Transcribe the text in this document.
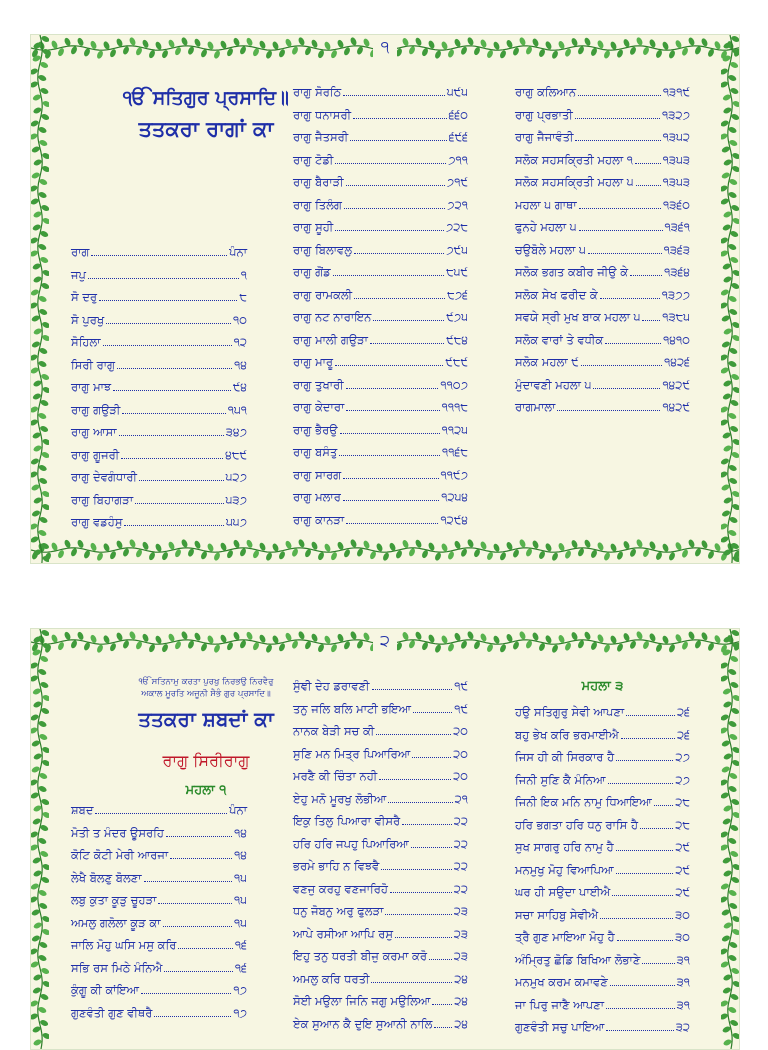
੧
ੴ ਸਤਿਗੁਰ ਪ੍ਰਸਾਦਿ॥
ਤਤਕਰਾ ਰਾਗਾਂ ਕਾ
ਰਾਗ	ਪੰਨਾ
ਜਪੁ	੧
ਸੋ ਦਰੁ	੮
ਸੋ ਪੁਰਖੁ	੧੦
ਸੋਹਿਲਾ	੧੨
ਸਿਰੀ ਰਾਗੁ	੧੪
ਰਾਗੁ ਮਾਝ	੯੪
ਰਾਗੁ ਗਉੜੀ	੧੫੧
ਰਾਗੁ ਆਸਾ	੩੪੭
ਰਾਗੁ ਗੂਜਰੀ	੪੮੯
ਰਾਗੁ ਦੇਵਗੰਧਾਰੀ	੫੨੭
ਰਾਗੁ ਬਿਹਾਗੜਾ	੫੩੭
ਰਾਗੁ ਵਡਹੰਸੁ	੫੫੭
ਰਾਗੁ ਸੋਰਠਿ	੫੯੫
ਰਾਗੁ ਧਨਾਸਰੀ	੬੬੦
ਰਾਗੁ ਜੈਤਸਰੀ	੬੯੬
ਰਾਗੁ ਟੋਡੀ	੭੧੧
ਰਾਗੁ ਬੈਰਾੜੀ	੭੧੯
ਰਾਗੁ ਤਿਲੰਗ	੭੨੧
ਰਾਗੁ ਸੂਹੀ	੭੨੮
ਰਾਗੁ ਬਿਲਾਵਲੁ	੭੯੫
ਰਾਗੁ ਗੋਂਡ	੮੫੯
ਰਾਗੁ ਰਾਮਕਲੀ	੮੭੬
ਰਾਗੁ ਨਟ ਨਾਰਾਇਨ	੯੭੫
ਰਾਗੁ ਮਾਲੀ ਗਉੜਾ	੯੮੪
ਰਾਗੁ ਮਾਰੂ	੯੮੯
ਰਾਗੁ ਤੁਖਾਰੀ	੧੧੦੭
ਰਾਗੁ ਕੇਦਾਰਾ	੧੧੧੮
ਰਾਗੁ ਭੈਰਉ	੧੧੨੫
ਰਾਗੁ ਬਸੰਤੁ	੧੧੬੮
ਰਾਗੁ ਸਾਰਗ	੧੧੯੭
ਰਾਗੁ ਮਲਾਰ	੧੨੫੪
ਰਾਗੁ ਕਾਨੜਾ	੧੨੯੪
ਰਾਗੁ ਕਲਿਆਨ	੧੩੧੯
ਰਾਗੁ ਪ੍ਰਭਾਤੀ	੧੩੨੭
ਰਾਗੁ ਜੈਜਾਵੰਤੀ	੧੩੫੨
ਸਲੋਕ ਸਹਸਕ੍ਰਿਤੀ ਮਹਲਾ ੧	੧੩੫੩
ਸਲੋਕ ਸਹਸਕ੍ਰਿਤੀ ਮਹਲਾ ੫	੧੩੫੩
ਮਹਲਾ ੫ ਗਾਥਾ	੧੩੬੦
ਫੁਨਹੇ ਮਹਲਾ ੫	੧੩੬੧
ਚਉਬੋਲੇ ਮਹਲਾ ੫	੧੩੬੩
ਸਲੋਕ ਭਗਤ ਕਬੀਰ ਜੀਉ ਕੇ	੧੩੬੪
ਸਲੋਕ ਸੇਖ ਫਰੀਦ ਕੇ	੧੩੭੭
ਸਵਯੇ ਸ੍ਰੀ ਮੁਖ ਬਾਕ ਮਹਲਾ ੫ ੧੩੮੫
ਸਲੋਕ ਵਾਰਾਂ ਤੇ ਵਧੀਕ	੧੪੧੦
ਸਲੋਕ ਮਹਲਾ ੯	੧੪੨੬
ਮੁੰਦਾਵਣੀ ਮਹਲਾ ੫	੧੪੨੯
ਰਾਗਮਾਲਾ	੧੪੨੯
੨
ੴ ਸਤਿਨਾਮੁ ਕਰਤਾ ਪੁਰਖੁ ਨਿਰਭਉ ਨਿਰਵੈਰੁ
ਅਕਾਲ ਮੂਰਤਿ ਅਜੂਨੀ ਸੈਭੰ ਗੁਰ ਪ੍ਰਸਾਦਿ॥
ਤਤਕਰਾ ਸ਼ਬਦਾਂ ਕਾ
ਰਾਗੁ ਸਿਰੀਰਾਗੁ
ਮਹਲਾ ੧
ਮਹਲਾ ੩
ਸ਼ਬਦ	ਪੰਨਾ
ਮੋਤੀ ਤ ਮੰਦਰ ਊਸਰਹਿ	੧੪
ਕੋਟਿ ਕੋਟੀ ਮੇਰੀ ਆਰਜਾ	੧੪
ਲੇਖੈ ਬੋਲਣੁ ਬੋਲਣਾ	੧੫
ਲਬੁ ਕੁਤਾ ਕੂੜੁ ਚੂਹੜਾ	੧੫
ਅਮਲੁ ਗਲੋਲਾ ਕੂੜ ਕਾ	੧੫
ਜਾਲਿ ਮੋਹੁ ਘਸਿ ਮਸੁ ਕਰਿ	੧੬
ਸਭਿ ਰਸ ਮਿਠੇ ਮੰਨਿਐ	੧੬
ਕੁੰਗੂ ਕੀ ਕਾਂਇਆ	੧੭
ਗੁਣਵੰਤੀ ਗੁਣ ਵੀਥਰੈ	੧੭
ਸੁੰਞੀ ਦੇਹ ਡਰਾਵਣੀ	੧੯
ਤਨੁ ਜਲਿ ਬਲਿ ਮਾਟੀ ਭਇਆ	੧੯
ਨਾਨਕ ਬੇੜੀ ਸਚ ਕੀ	੨੦
ਸੁਣਿ ਮਨ ਮਿਤ੍ਰ ਪਿਆਰਿਆ	੨੦
ਮਰਣੈ ਕੀ ਚਿੰਤਾ ਨਹੀ	੨੦
ਏਹੁ ਮਨੋ ਮੂਰਖੁ ਲੋਭੀਆ	੨੧
ਇਕੁ ਤਿਲੁ ਪਿਆਰਾ ਵੀਸਰੈ	੨੨
ਹਰਿ ਹਰਿ ਜਪਹੁ ਪਿਆਰਿਆ	੨੨
ਭਰਮੇ ਭਾਹਿ ਨ ਵਿਝਵੈ	੨੨
ਵਣਜੁ ਕਰਹੁ ਵਣਜਾਰਿਹੋ	੨੨
ਧਨੁ ਜੋਬਨੁ ਅਰੁ ਫੁਲੜਾ	੨੩
ਆਪੇ ਰਸੀਆ ਆਪਿ ਰਸੁ	੨੩
ਇਹੁ ਤਨੁ ਧਰਤੀ ਬੀਜੁ ਕਰਮਾ ਕਰੋ ੨੩
ਅਮਲੁ ਕਰਿ ਧਰਤੀ	੨੪
ਸੋਈ ਮਉਲਾ ਜਿਨਿ ਜਗੁ ਮਉਲਿਆ ੨੪
ਏਕ ਸੁਆਨ ਕੈ ਦੁਇ ਸੁਆਨੀ ਨਾਲਿ ੨੪
ਹਉ ਸਤਿਗੁਰੁ ਸੇਵੀ ਆਪਣਾ	੨੬
ਬਹੁ ਭੇਖ ਕਰਿ ਭਰਮਾਈਐ	੨੬
ਜਿਸ ਹੀ ਕੀ ਸਿਰਕਾਰ ਹੈ	੨੭
ਜਿਨੀ ਸੁਣਿ ਕੈ ਮੰਨਿਆ	੨੭
ਜਿਨੀ ਇਕ ਮਨਿ ਨਾਮੁ ਧਿਆਇਆ ੨੮
ਹਰਿ ਭਗਤਾ ਹਰਿ ਧਨੁ ਰਾਸਿ ਹੈ	੨੮
ਸੁਖ ਸਾਗਰੁ ਹਰਿ ਨਾਮੁ ਹੈ	੨੯
ਮਨਮੁਖੁ ਮੋਹੁ ਵਿਆਪਿਆ	੨੯
ਘਰ ਹੀ ਸਉਦਾ ਪਾਈਐ	੨੯
ਸਚਾ ਸਾਹਿਬੁ ਸੇਵੀਐ	੩੦
ਤ੍ਰੈ ਗੁਣ ਮਾਇਆ ਮੋਹੁ ਹੈ	੩੦
ਅੰਮ੍ਰਿਤੁ ਛੋਡਿ ਬਿਖਿਆ ਲੋਭਾਣੇ	੩੧
ਮਨਮੁਖ ਕਰਮ ਕਮਾਵਣੇ	੩੧
ਜਾ ਪਿਰੁ ਜਾਣੈ ਆਪਣਾ	੩੧
ਗੁਣਵੰਤੀ ਸਚੁ ਪਾਇਆ	੩੨
